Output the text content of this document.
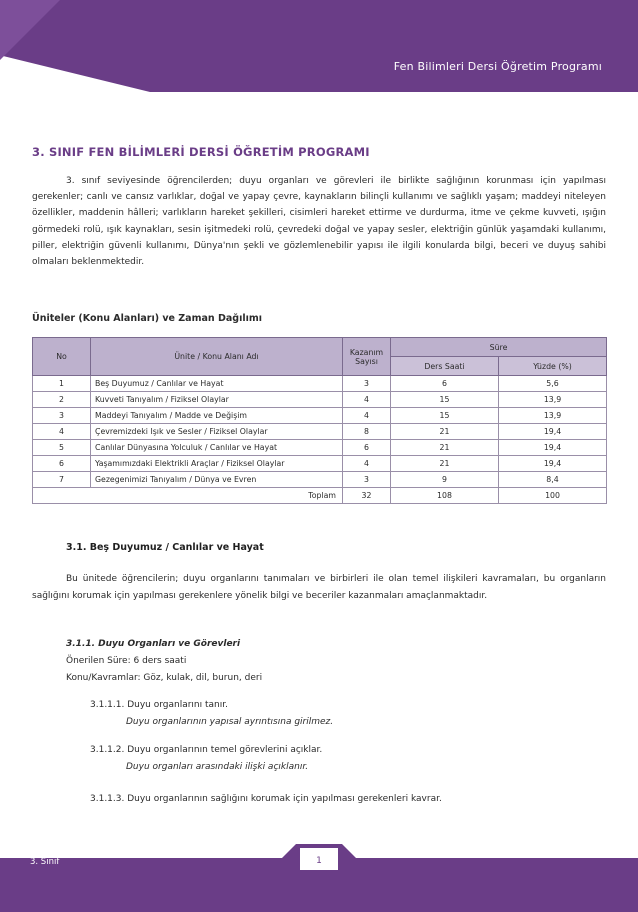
Fen Bilimleri Dersi Öğretim Programı
3. SINIF FEN BİLİMLERİ DERSİ ÖĞRETİM PROGRAMI

3. sınıf seviyesinde öğrencilerden; duyu organları ve görevleri ile birlikte sağlığının korunması için yapılması gerekenler; canlı ve cansız varlıklar, doğal ve yapay çevre, kaynakların bilinçli kullanımı ve sağlıklı yaşam; maddeyi niteleyen özellikler, maddenin hâlleri; varlıkların hareket şekilleri, cisimleri hareket ettirme ve durdurma, itme ve çekme kuvveti, ışığın görmedeki rolü, ışık kaynakları, sesin işitmedeki rolü, çevredeki doğal ve yapay sesler, elektriğin günlük yaşamdaki kullanımı, piller, elektriğin güvenli kullanımı, Dünya'nın şekli ve gözlemlenebilir yapısı ile ilgili konularda bilgi, beceri ve duyuş sahibi olmaları beklenmektedir.

Üniteler (Konu Alanları) ve Zaman Dağılımı
No	Ünite / Konu Alanı Adı	Kazanım Sayısı	Süre	
			Ders Saati	Yüzde (%)
1	Beş Duyumuz / Canlılar ve Hayat	3	6	5,6
2	Kuvveti Tanıyalım / Fiziksel Olaylar	4	15	13,9
3	Maddeyi Tanıyalım / Madde ve Değişim	4	15	13,9
4	Çevremizdeki Işık ve Sesler / Fiziksel Olaylar	8	21	19,4
5	Canlılar Dünyasına Yolculuk / Canlılar ve Hayat	6	21	19,4
6	Yaşamımızdaki Elektrikli Araçlar / Fiziksel Olaylar	4	21	19,4
7	Gezegenimizi Tanıyalım / Dünya ve Evren	3	9	8,4
Toplam		32	108	100
3.1. Beş Duyumuz / Canlılar ve Hayat

Bu ünitede öğrencilerin; duyu organlarını tanımaları ve birbirleri ile olan temel ilişkileri kavramaları, bu organların sağlığını korumak için yapılması gerekenlere yönelik bilgi ve beceriler kazanmaları amaçlanmaktadır.

3.1.1. Duyu Organları ve Görevleri
Önerilen Süre: 6 ders saati
Konu/Kavramlar: Göz, kulak, dil, burun, deri
3.1.1.1. Duyu organlarını tanır.
Duyu organlarının yapısal ayrıntısına girilmez.
3.1.1.2. Duyu organlarının temel görevlerini açıklar.
Duyu organları arasındaki ilişki açıklanır.
3.1.1.3. Duyu organlarının sağlığını korumak için yapılması gerekenleri kavrar.
3. Sınıf	1
